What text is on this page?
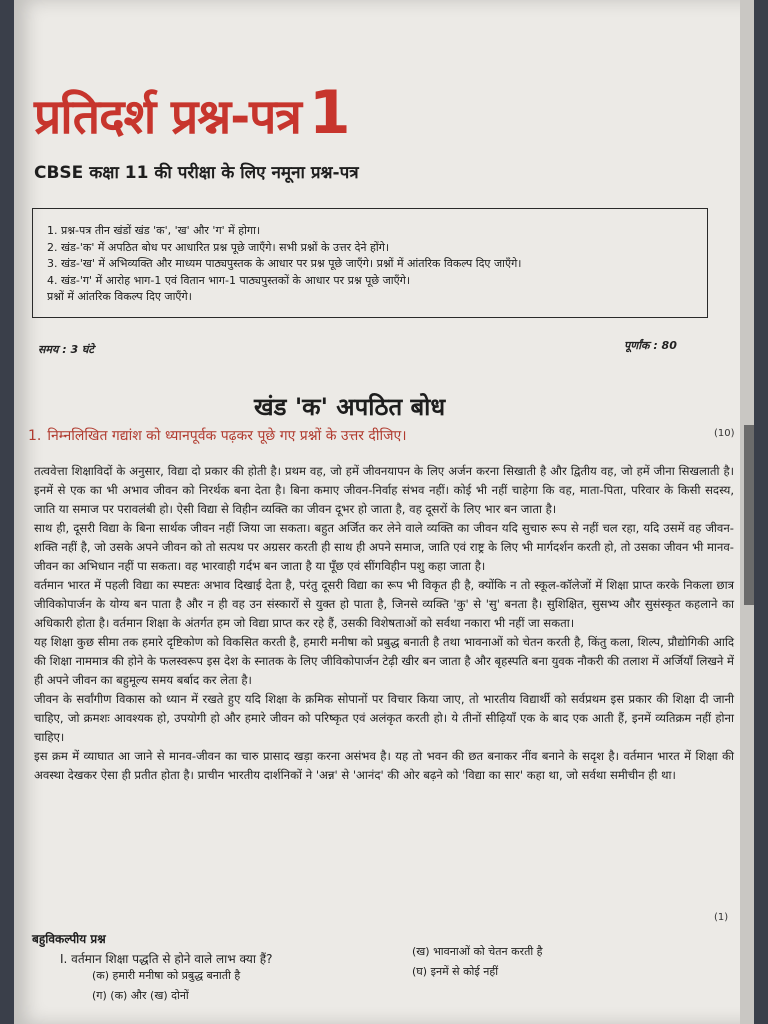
प्रतिदर्श प्रश्न-पत्र 1
CBSE कक्षा 11 की परीक्षा के लिए नमूना प्रश्न-पत्र
1. प्रश्न-पत्र तीन खंडों खंड 'क', 'ख' और 'ग' में होगा।
2. खंड-'क' में अपठित बोध पर आधारित प्रश्न पूछे जाएँगे। सभी प्रश्नों के उत्तर देने होंगे।
3. खंड-'ख' में अभिव्यक्ति और माध्यम पाठ्यपुस्तक के आधार पर प्रश्न पूछे जाएँगे। प्रश्नों में आंतरिक विकल्प दिए जाएँगे।
4. खंड-'ग' में आरोह भाग-1 एवं वितान भाग-1 पाठ्यपुस्तकों के आधार पर प्रश्न पूछे जाएँगे।
प्रश्नों में आंतरिक विकल्प दिए जाएँगे।
समय : 3 घंटे	पूर्णांक : 80
खंड 'क' अपठित बोध
1. निम्नलिखित गद्यांश को ध्यानपूर्वक पढ़कर पूछे गए प्रश्नों के उत्तर दीजिए।	(10)

तत्ववेत्ता शिक्षाविदों के अनुसार, विद्या दो प्रकार की होती है। प्रथम वह, जो हमें जीवनयापन के लिए अर्जन करना सिखाती है और द्वितीय वह, जो हमें जीना सिखलाती है। इनमें से एक का भी अभाव जीवन को निरर्थक बना देता है। बिना कमाए जीवन-निर्वाह संभव नहीं। कोई भी नहीं चाहेगा कि वह, माता-पिता, परिवार के किसी सदस्य, जाति या समाज पर परावलंबी हो। ऐसी विद्या से विहीन व्यक्ति का जीवन दूभर हो जाता है, वह दूसरों के लिए भार बन जाता है।

साथ ही, दूसरी विद्या के बिना सार्थक जीवन नहीं जिया जा सकता। बहुत अर्जित कर लेने वाले व्यक्ति का जीवन यदि सुचारु रूप से नहीं चल रहा, यदि उसमें वह जीवन-शक्ति नहीं है, जो उसके अपने जीवन को तो सत्पथ पर अग्रसर करती ही साथ ही अपने समाज, जाति एवं राष्ट्र के लिए भी मार्गदर्शन करती हो, तो उसका जीवन भी मानव-जीवन का अभिधान नहीं पा सकता। वह भारवाही गर्दभ बन जाता है या पूँछ एवं सींगविहीन पशु कहा जाता है।

वर्तमान भारत में पहली विद्या का स्पष्टतः अभाव दिखाई देता है, परंतु दूसरी विद्या का रूप भी विकृत ही है, क्योंकि न तो स्कूल-कॉलेजों में शिक्षा प्राप्त करके निकला छात्र जीविकोपार्जन के योग्य बन पाता है और न ही वह उन संस्कारों से युक्त हो पाता है, जिनसे व्यक्ति 'कु' से 'सु' बनता है। सुशिक्षित, सुसभ्य और सुसंस्कृत कहलाने का अधिकारी होता है। वर्तमान शिक्षा के अंतर्गत हम जो विद्या प्राप्त कर रहे हैं, उसकी विशेषताओं को सर्वथा नकारा भी नहीं जा सकता।

यह शिक्षा कुछ सीमा तक हमारे दृष्टिकोण को विकसित करती है, हमारी मनीषा को प्रबुद्ध बनाती है तथा भावनाओं को चेतन करती है, किंतु कला, शिल्प, प्रौद्योगिकी आदि की शिक्षा नाममात्र की होने के फलस्वरूप इस देश के स्नातक के लिए जीविकोपार्जन टेढ़ी खीर बन जाता है और बृहस्पति बना युवक नौकरी की तलाश में अर्जियाँ लिखने में ही अपने जीवन का बहुमूल्य समय बर्बाद कर लेता है।

जीवन के सर्वांगीण विकास को ध्यान में रखते हुए यदि शिक्षा के क्रमिक सोपानों पर विचार किया जाए, तो भारतीय विद्यार्थी को सर्वप्रथम इस प्रकार की शिक्षा दी जानी चाहिए, जो क्रमशः आवश्यक हो, उपयोगी हो और हमारे जीवन को परिष्कृत एवं अलंकृत करती हो। ये तीनों सीढ़ियाँ एक के बाद एक आती हैं, इनमें व्यतिक्रम नहीं होना चाहिए।

इस क्रम में व्याघात आ जाने से मानव-जीवन का चारु प्रासाद खड़ा करना असंभव है। यह तो भवन की छत बनाकर नींव बनाने के सदृश है। वर्तमान भारत में शिक्षा की अवस्था देखकर ऐसा ही प्रतीत होता है। प्राचीन भारतीय दार्शनिकों ने 'अन्न' से 'आनंद' की ओर बढ़ने को 'विद्या का सार' कहा था, जो सर्वथा समीचीन ही था।

(1)
बहुविकल्पीय प्रश्न
I. वर्तमान शिक्षा पद्धति से होने वाले लाभ क्या हैं?
(क) हमारी मनीषा को प्रबुद्ध बनाती है
(ख) भावनाओं को चेतन करती है
(ग) (क) और (ख) दोनों
(घ) इनमें से कोई नहीं
